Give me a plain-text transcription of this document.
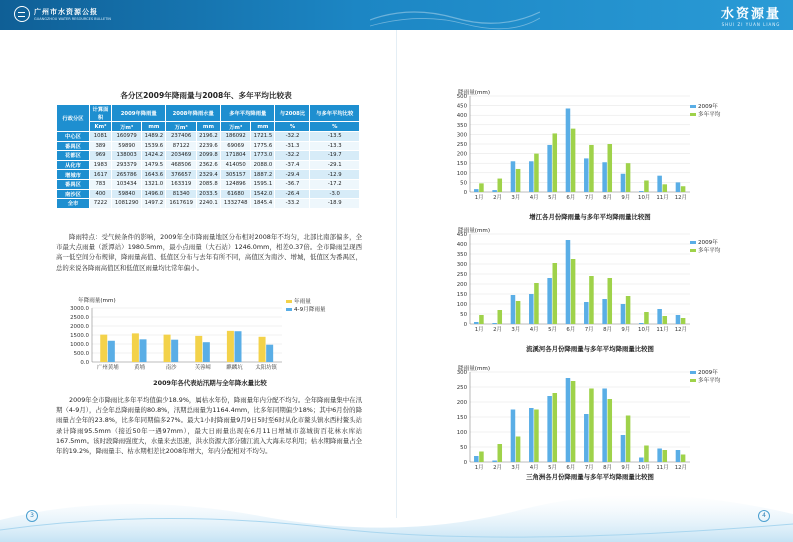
广州市水资源公报
GUANGZHOU WATER RESOURCES BULLETIN	水资源量
SHUI ZI YUAN LIANG
各分区2009年降雨量与2008年、多年平均比较表
行政分区	计算面积	2009年降雨量		2008年降雨水量		多年平均降雨量		与2008比	与多年平均比较
	Km²	万m³	mm	万m³	mm	万m³	mm	%	%
中心区	1081	160979	1489.2	237406	2196.2	186092	1721.5	-32.2	-13.5
番禺区	389	59890	1539.6	87122	2239.6	69069	1775.6	-31.3	-13.3
花都区	969	138003	1424.2	203469	2099.8	171804	1773.0	-32.2	-19.7
从化市	1983	293379	1479.5	468506	2362.6	414050	2088.0	-37.4	-29.1
增城市	1617	265786	1643.6	376657	2329.4	305157	1887.2	-29.4	-12.9
番禺区	783	103434	1321.0	163319	2085.8	124896	1595.1	-36.7	-17.2
南沙区	400	59840	1496.0	81340	2033.5	61680	1542.0	-26.4	-3.0
全市	7222	1081290	1497.2	1617619	2240.1	1332748	1845.4	-33.2	-18.9
降雨特点：受气候条件的影响，2009年全市降雨量地区分布相对2008年不均匀，北部比南部偏多，全市最大点雨量（派潭站）1980.5mm，最小点雨量（大石站）1246.0mm，相差0.37倍。全市降雨呈现西高一低空间分布规律，降雨量高值、低值区分布与去年有所不同，高值区为南沙、增城，低值区为番禺区，总的来说各降雨高值区和低值区雨量均比常年偏小。
年降雨量(mm)	年雨量
4-9月降雨量
0.0
500.0
1000.0
1500.0
2000.0
2500.0
3000.0
广州黄埔	黄埔	南沙	芙蓉嶂	麒麟坑 太阳坊镇
2009年各代表站汛期与全年降水量比较
2009年全市降雨比多年平均值偏少18.9%，属枯水年份，降雨量年内分配不均匀。全年降雨量集中在汛期（4-9月），占全年总降雨量的80.8%，汛期总雨量为1164.4mm，比多年同期偏少18%；其中6月份的降雨量占全年的23.8%，比多年同期偏多27%。最大1小时降雨量9月9日5时至6时从化市鳌头镇水西村鳌头站录计降雨95.5mm（接近50年一遇97mm），最大日雨量出现在6月11日增城市荔城街百花林水库站167.5mm。该时段降雨强度大，水量来去迅速，洪水资源大部分随江流入大海未尽利用；枯水期降雨量占全年的19.2%，降雨量丰、枯水期相差比2008年增大，年内分配相对不均匀。
降雨量(mm)
2009年
多年平均
0
50
100
150
200
250
300
350
400
450
500
1月 2月 3月 4月 5月 6月 7月 8月 9月 10月 11月 12月
增江各月份降雨量与多年平均降雨量比较图
降雨量(mm)
2009年
多年平均
0
50
100
150
200
250
300
350
400
450
1月 2月 3月 4月 5月 6月 7月 8月 9月 10月 11月 12月
流溪河各月份降雨量与多年平均降雨量比较图
降雨量(mm)
2009年
多年平均
0
50
100
150
200
250
300
1月 2月 3月 4月 5月 6月 7月 8月 9月 10月 11月 12月
三角洲各月份降雨量与多年平均降雨量比较图
3	4
